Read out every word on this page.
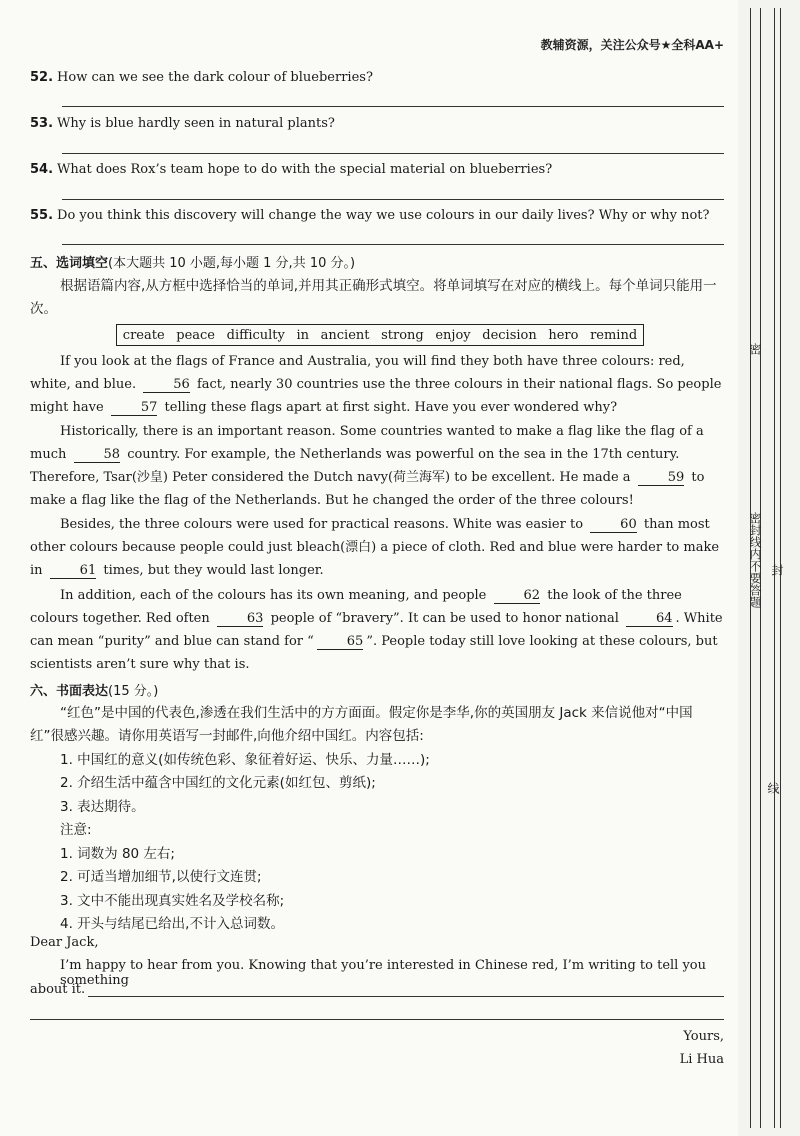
教辅资源，关注公众号★全科AA+
52. How can we see the dark colour of blueberries?
53. Why is blue hardly seen in natural plants?
54. What does Rox’s team hope to do with the special material on blueberries?
55. Do you think this discovery will change the way we use colours in our daily lives? Why or why not?
五、选词填空(本大题共 10 小题,每小题 1 分,共 10 分。)
根据语篇内容,从方框中选择恰当的单词,并用其正确形式填空。将单词填写在对应的横线上。每个单词只能用一次。
create peace difficulty in ancient strong enjoy decision hero remind
If you look at the flags of France and Australia, you will find they both have three colours: red, white, and blue.	56 fact, nearly 30 countries use the three colours in their national flags. So people might have	57 telling these flags apart at first sight. Have you ever wondered why?
Historically, there is an important reason. Some countries wanted to make a flag like the flag of a much	58 country. For example, the Netherlands was powerful on the sea in the 17th century. Therefore, Tsar(沙皇) Peter considered the Dutch navy(荷兰海军) to be excellent. He made a	59 to make a flag like the flag of the Netherlands. But he changed the order of the three colours!
Besides, the three colours were used for practical reasons. White was easier to	60 than most other colours because people could just bleach(漂白) a piece of cloth. Red and blue were harder to make in	61 times, but they would last longer.
In addition, each of the colours has its own meaning, and people	62 the look of the three colours together. Red often	63 people of “bravery”. It can be used to honor national	64 . White can mean “purity” and blue can stand for “	65 ”. People today still love looking at these colours, but scientists aren’t sure why that is.
六、书面表达(15 分。)
“红色”是中国的代表色,渗透在我们生活中的方方面面。假定你是李华,你的英国朋友 Jack 来信说他对“中国红”很感兴趣。请你用英语写一封邮件,向他介绍中国红。内容包括:
1. 中国红的意义(如传统色彩、象征着好运、快乐、力量……);
2. 介绍生活中蕴含中国红的文化元素(如红包、剪纸);
3. 表达期待。
注意:
1. 词数为 80 左右;
2. 可适当增加细节,以使行文连贯;
3. 文中不能出现真实姓名及学校名称;
4. 开头与结尾已给出,不计入总词数。
Dear Jack,
I’m happy to hear from you. Knowing that you’re interested in Chinese red, I’m writing to tell you something
about it.
Yours,
Li Hua
密
密封线内不要答题 封
线
